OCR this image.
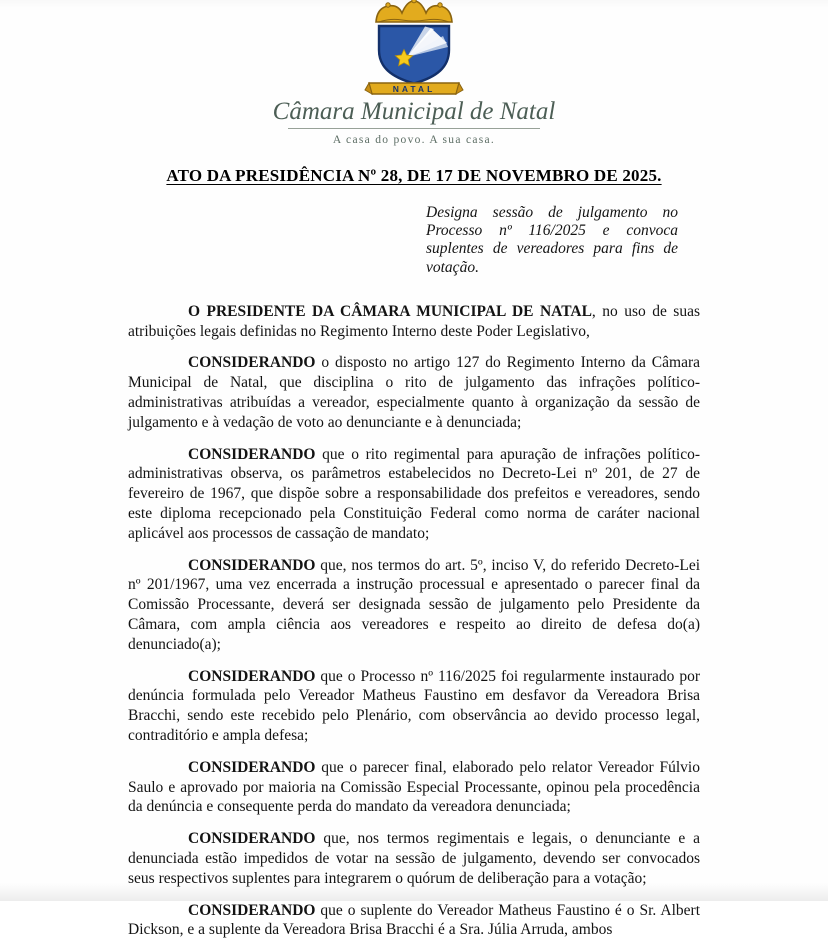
NATAL
Câmara Municipal de Natal
A casa do povo. A sua casa.
ATO DA PRESIDÊNCIA Nº 28, DE 17 DE NOVEMBRO DE 2025.
Designa sessão de julgamento no Processo nº 116/2025 e convoca suplentes de vereadores para fins de votação.

O PRESIDENTE DA CÂMARA MUNICIPAL DE NATAL, no uso de suas atribuições legais definidas no Regimento Interno deste Poder Legislativo,

CONSIDERANDO o disposto no artigo 127 do Regimento Interno da Câmara Municipal de Natal, que disciplina o rito de julgamento das infrações político-administrativas atribuídas a vereador, especialmente quanto à organização da sessão de julgamento e à vedação de voto ao denunciante e à denunciada;

CONSIDERANDO que o rito regimental para apuração de infrações político-administrativas observa, os parâmetros estabelecidos no Decreto-Lei nº 201, de 27 de fevereiro de 1967, que dispõe sobre a responsabilidade dos prefeitos e vereadores, sendo este diploma recepcionado pela Constituição Federal como norma de caráter nacional aplicável aos processos de cassação de mandato;

CONSIDERANDO que, nos termos do art. 5º, inciso V, do referido Decreto-Lei nº 201/1967, uma vez encerrada a instrução processual e apresentado o parecer final da Comissão Processante, deverá ser designada sessão de julgamento pelo Presidente da Câmara, com ampla ciência aos vereadores e respeito ao direito de defesa do(a) denunciado(a);

CONSIDERANDO que o Processo nº 116/2025 foi regularmente instaurado por denúncia formulada pelo Vereador Matheus Faustino em desfavor da Vereadora Brisa Bracchi, sendo este recebido pelo Plenário, com observância ao devido processo legal, contraditório e ampla defesa;

CONSIDERANDO que o parecer final, elaborado pelo relator Vereador Fúlvio Saulo e aprovado por maioria na Comissão Especial Processante, opinou pela procedência da denúncia e consequente perda do mandato da vereadora denunciada;

CONSIDERANDO que, nos termos regimentais e legais, o denunciante e a denunciada estão impedidos de votar na sessão de julgamento, devendo ser convocados seus respectivos suplentes para integrarem o quórum de deliberação para a votação;

CONSIDERANDO que o suplente do Vereador Matheus Faustino é o Sr. Albert Dickson, e a suplente da Vereadora Brisa Bracchi é a Sra. Júlia Arruda, ambos
